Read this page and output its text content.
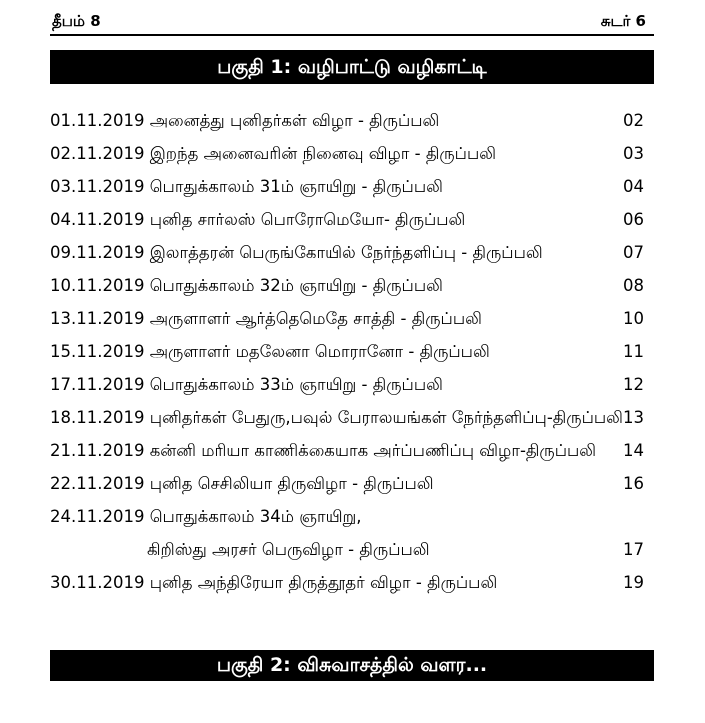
தீபம் 8	சுடர் 6
பகுதி 1: வழிபாட்டு வழிகாட்டி
01.11.2019 அனைத்து புனிதர்கள் விழா - திருப்பலி	02
02.11.2019 இறந்த அனைவரின் நினைவு விழா - திருப்பலி	03
03.11.2019 பொதுக்காலம் 31ம் ஞாயிறு - திருப்பலி	04
04.11.2019 புனித சார்லஸ் பொரோமெயோ- திருப்பலி	06
09.11.2019 இலாத்தரன் பெருங்கோயில் நேர்ந்தளிப்பு - திருப்பலி	07
10.11.2019 பொதுக்காலம் 32ம் ஞாயிறு - திருப்பலி	08
13.11.2019 அருளாளர் ஆர்த்தெமெதே சாத்தி - திருப்பலி	10
15.11.2019 அருளாளர் மதலேனா மொரானோ - திருப்பலி	11
17.11.2019 பொதுக்காலம் 33ம் ஞாயிறு - திருப்பலி	12
18.11.2019 புனிதர்கள் பேதுரு,பவுல் பேராலயங்கள் நேர்ந்தளிப்பு-திருப்பலி 13
21.11.2019 கன்னி மரியா காணிக்கையாக அர்ப்பணிப்பு விழா-திருப்பலி 14
22.11.2019 புனித செசிலியா திருவிழா - திருப்பலி	16
24.11.2019 பொதுக்காலம் 34ம் ஞாயிறு,
கிறிஸ்து அரசர் பெருவிழா - திருப்பலி	17
30.11.2019 புனித அந்திரேயா திருத்தூதர் விழா - திருப்பலி	19
பகுதி 2: விசுவாசத்தில் வளர...
